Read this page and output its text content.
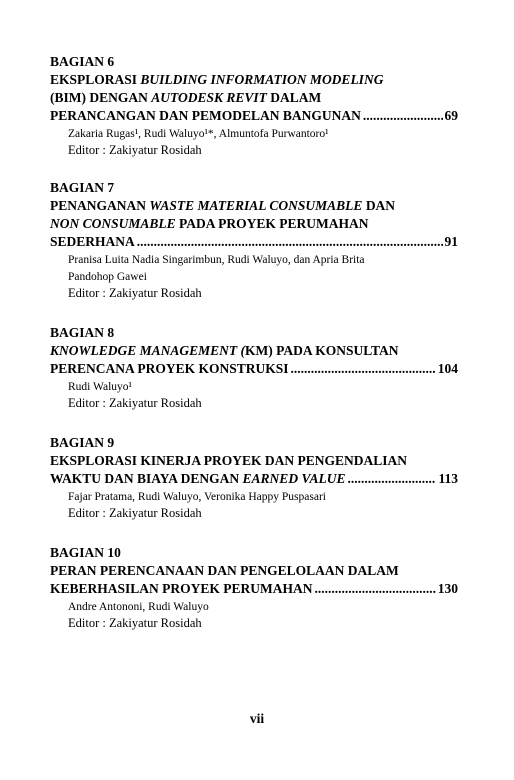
BAGIAN 6
EKSPLORASI BUILDING INFORMATION MODELING
(BIM) DENGAN AUTODESK REVIT DALAM
PERANCANGAN DAN PEMODELAN BANGUNAN .....	69
Zakaria Rugas¹, Rudi Waluyo¹*, Almuntofa Purwantoro¹
Editor : Zakiyatur Rosidah
BAGIAN 7
PENANGANAN WASTE MATERIAL CONSUMABLE DAN
NON CONSUMABLE PADA PROYEK PERUMAHAN
SEDERHANA .....	91
Pranisa Luita Nadia Singarimbun, Rudi Waluyo, dan Apria Brita
Pandohop Gawei
Editor : Zakiyatur Rosidah
BAGIAN 8
KNOWLEDGE MANAGEMENT (KM) PADA KONSULTAN
PERENCANA PROYEK KONSTRUKSI .....	104
Rudi Waluyo¹
Editor : Zakiyatur Rosidah
BAGIAN 9
EKSPLORASI KINERJA PROYEK DAN PENGENDALIAN
WAKTU DAN BIAYA DENGAN EARNED VALUE .....	113
Fajar Pratama, Rudi Waluyo, Veronika Happy Puspasari
Editor : Zakiyatur Rosidah
BAGIAN 10
PERAN PERENCANAAN DAN PENGELOLAAN DALAM
KEBERHASILAN PROYEK PERUMAHAN .....	130
Andre Antononi, Rudi Waluyo
Editor : Zakiyatur Rosidah
vii
